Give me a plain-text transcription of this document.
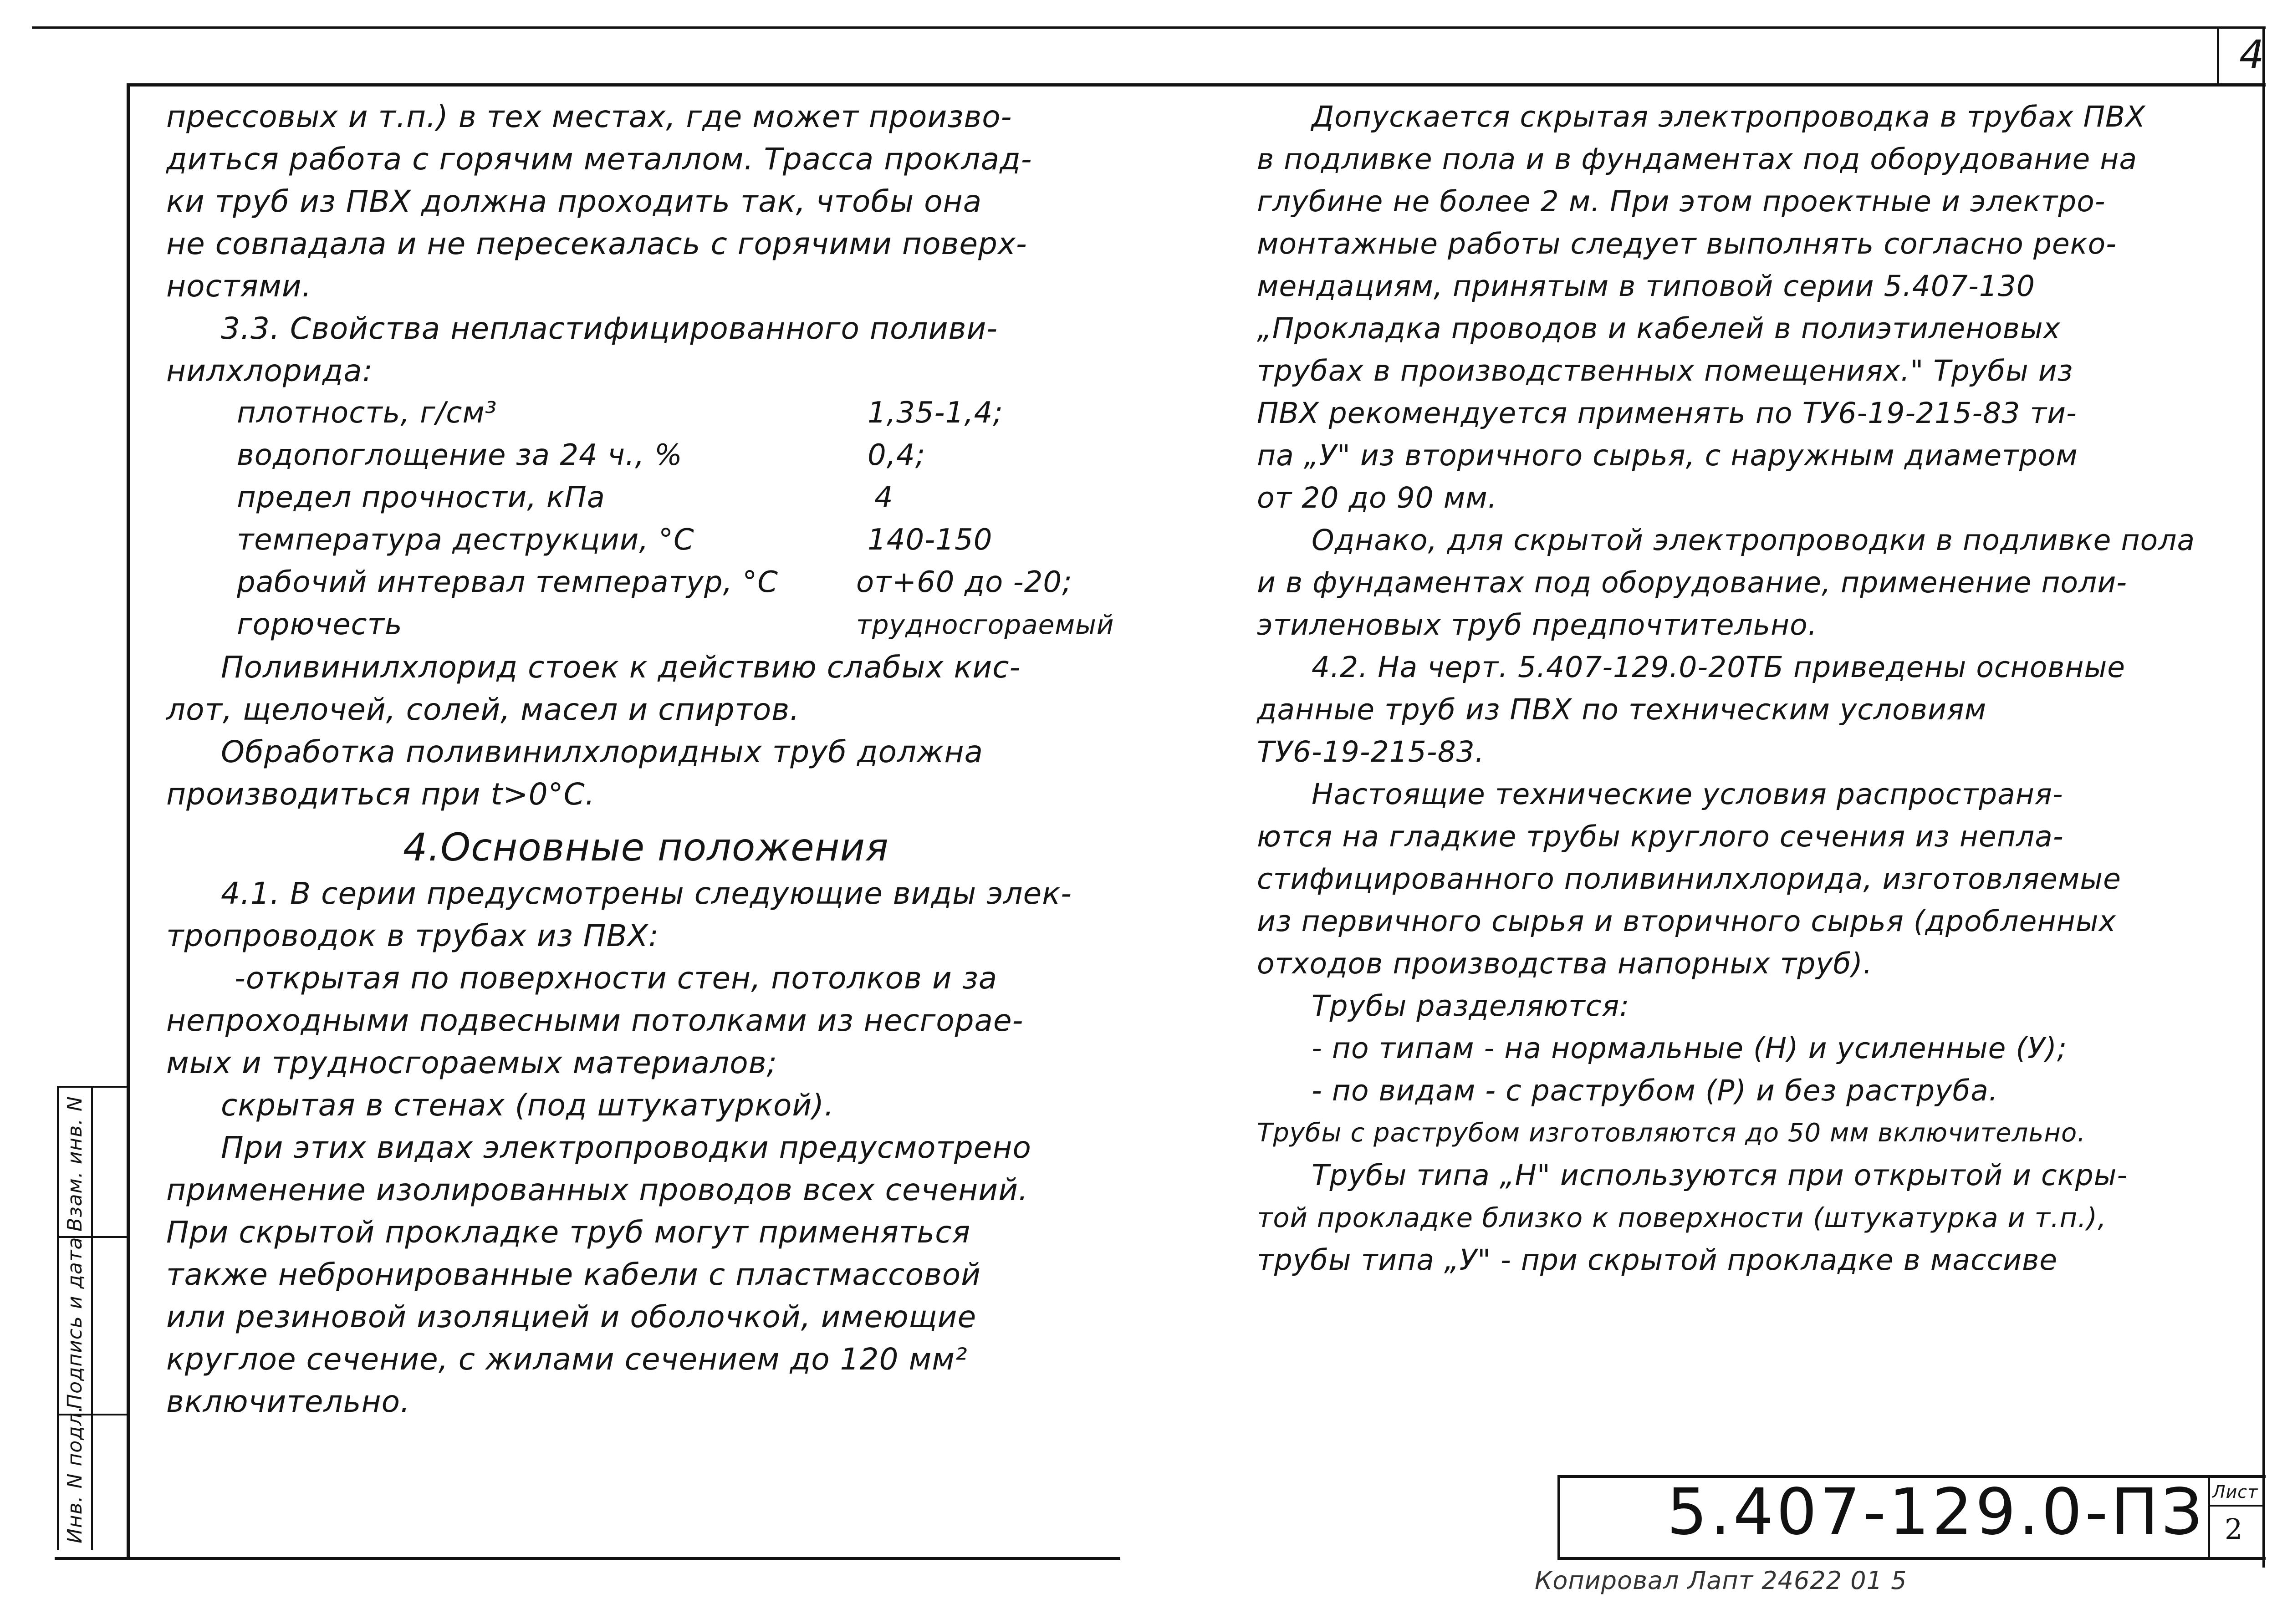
4
прессовых и т.п.) в тех местах, где может произво-
диться работа с горячим металлом. Трасса проклад-
ки труб из ПВХ должна проходить так, чтобы она
не совпадала и не пересекалась с горячими поверх-
ностями.
3.3. Свойства непластифицированного поливи-
нилхлорида:
плотность, г/см³	1,35-1,4;
водопоглощение за 24 ч., %	0,4;
предел прочности, кПа	4
температура деструкции, °С	140-150
рабочий интервал температур, °С	от+60 до -20;
горючесть	трудносгораемый
Поливинилхлорид стоек к действию слабых кис-
лот, щелочей, солей, масел и спиртов.
Обработка поливинилхлоридных труб должна
производиться при t>0°С.
4.Основные положения
4.1. В серии предусмотрены следующие виды элек-
тропроводок в трубах из ПВХ:
-открытая по поверхности стен, потолков и за
непроходными подвесными потолками из несгорае-
мых и трудносгораемых материалов;
скрытая в стенах (под штукатуркой).
При этих видах электропроводки предусмотрено
применение изолированных проводов всех сечений.
При скрытой прокладке труб могут применяться
также небронированные кабели с пластмассовой
или резиновой изоляцией и оболочкой, имеющие
круглое сечение, с жилами сечением до 120 мм²
включительно.
Допускается скрытая электропроводка в трубах ПВХ
в подливке пола и в фундаментах под оборудование на
глубине не более 2 м. При этом проектные и электро-
монтажные работы следует выполнять согласно реко-
мендациям, принятым в типовой серии 5.407-130
„Прокладка проводов и кабелей в полиэтиленовых
трубах в производственных помещениях." Трубы из
ПВХ рекомендуется применять по ТУ6-19-215-83 ти-
па „У" из вторичного сырья, с наружным диаметром
от 20 до 90 мм.
Однако, для скрытой электропроводки в подливке пола
и в фундаментах под оборудование, применение поли-
этиленовых труб предпочтительно.
4.2. На черт. 5.407-129.0-20ТБ приведены основные
данные труб из ПВХ по техническим условиям
ТУ6-19-215-83.
Настоящие технические условия распространя-
ются на гладкие трубы круглого сечения из непла-
стифицированного поливинилхлорида, изготовляемые
из первичного сырья и вторичного сырья (дробленных
отходов производства напорных труб).
Трубы разделяются:
- по типам - на нормальные (Н) и усиленные (У);
- по видам - с раструбом (Р) и без раструба.
Трубы с раструбом изготовляются до 50 мм включительно.
Трубы типа „Н" используются при открытой и скры-
той прокладке близко к поверхности (штукатурка и т.п.),
трубы типа „У" - при скрытой прокладке в массиве
Инв. N подл.
Подпись и дата
Взам. инв. N
5.407-129.0-ПЗ Лист
2
Копировал Лапт 24622 01 5
